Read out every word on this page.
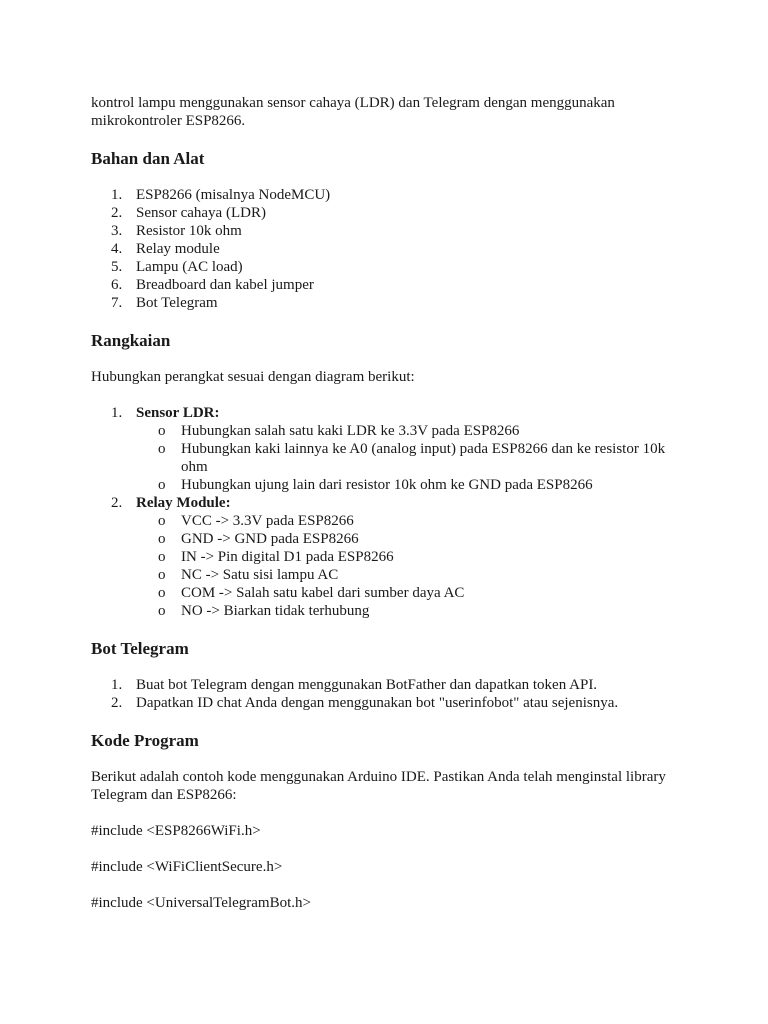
kontrol lampu menggunakan sensor cahaya (LDR) dan Telegram dengan menggunakan mikrokontroler ESP8266.

Bahan dan Alat
1. ESP8266 (misalnya NodeMCU)
2. Sensor cahaya (LDR)
3. Resistor 10k ohm
4. Relay module
5. Lampu (AC load)
6. Breadboard dan kabel jumper
7. Bot Telegram
Rangkaian

Hubungkan perangkat sesuai dengan diagram berikut:

1. Sensor LDR:
o Hubungkan salah satu kaki LDR ke 3.3V pada ESP8266
o Hubungkan kaki lainnya ke A0 (analog input) pada ESP8266 dan ke resistor 10k ohm
o Hubungkan ujung lain dari resistor 10k ohm ke GND pada ESP8266
2. Relay Module:
o VCC -> 3.3V pada ESP8266
o GND -> GND pada ESP8266
o IN -> Pin digital D1 pada ESP8266
o NC -> Satu sisi lampu AC
o COM -> Salah satu kabel dari sumber daya AC
o NO -> Biarkan tidak terhubung
Bot Telegram
1. Buat bot Telegram dengan menggunakan BotFather dan dapatkan token API.
2. Dapatkan ID chat Anda dengan menggunakan bot "userinfobot" atau sejenisnya.
Kode Program

Berikut adalah contoh kode menggunakan Arduino IDE. Pastikan Anda telah menginstal library Telegram dan ESP8266:

#include <ESP8266WiFi.h>

#include <WiFiClientSecure.h>

#include <UniversalTelegramBot.h>
